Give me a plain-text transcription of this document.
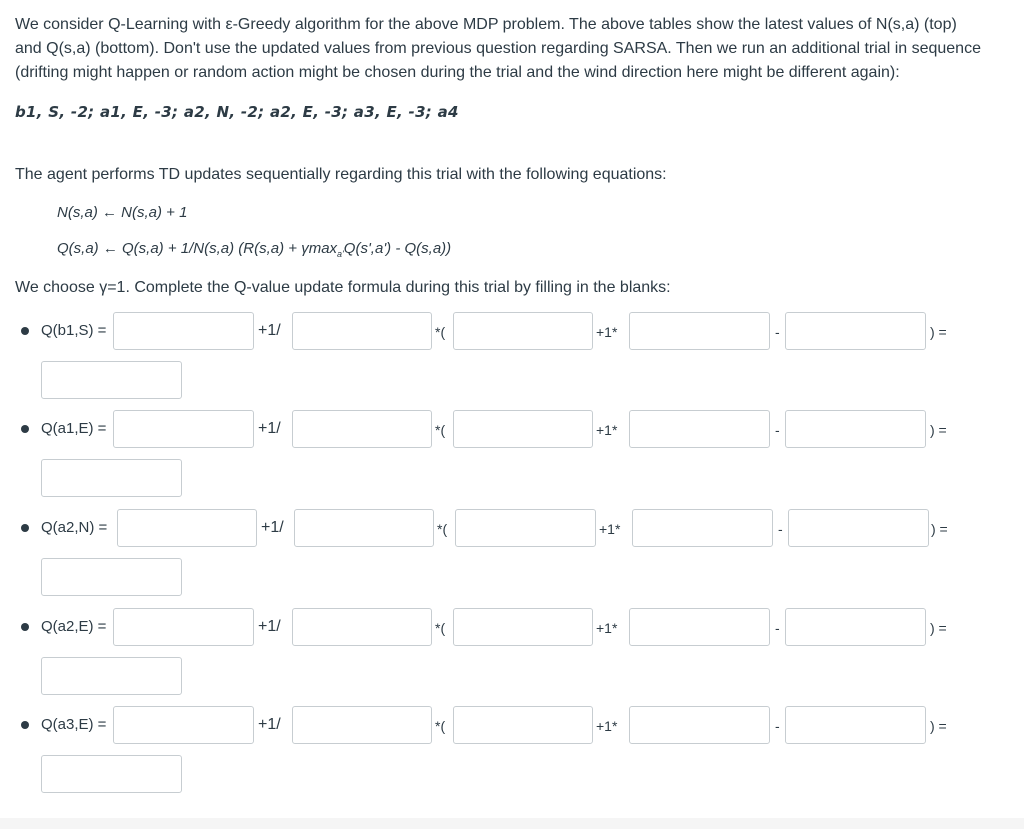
We consider Q-Learning with ε-Greedy algorithm for the above MDP problem. The above tables show the latest values of N(s,a) (top)

and Q(s,a) (bottom). Don't use the updated values from previous question regarding SARSA. Then we run an additional trial in sequence

(drifting might happen or random action might be chosen during the trial and the wind direction here might be different again):

b1, S, -2; a1, E, -3; a2, N, -2; a2, E, -3; a3, E, -3; a4

The agent performs TD updates sequentially regarding this trial with the following equations:

N(s,a) ← N(s,a) + 1
Q(s,a) ← Q(s,a) + 1/N(s,a) (R(s,a) + γmax$_{a'}$Q(s',a') - Q(s,a))

We choose γ=1. Complete the Q-value update formula during this trial by filling in the blanks:

Q(b1,S) =	+1/	*(	+1*	-	) =
Q(a1,E) =	+1/	*(	+1*	-	) =
Q(a2,N) =	+1/	*(	+1*	-	) =
Q(a2,E) =	+1/	*(	+1*	-	) =
Q(a3,E) =	+1/	*(	+1*	-	) =
